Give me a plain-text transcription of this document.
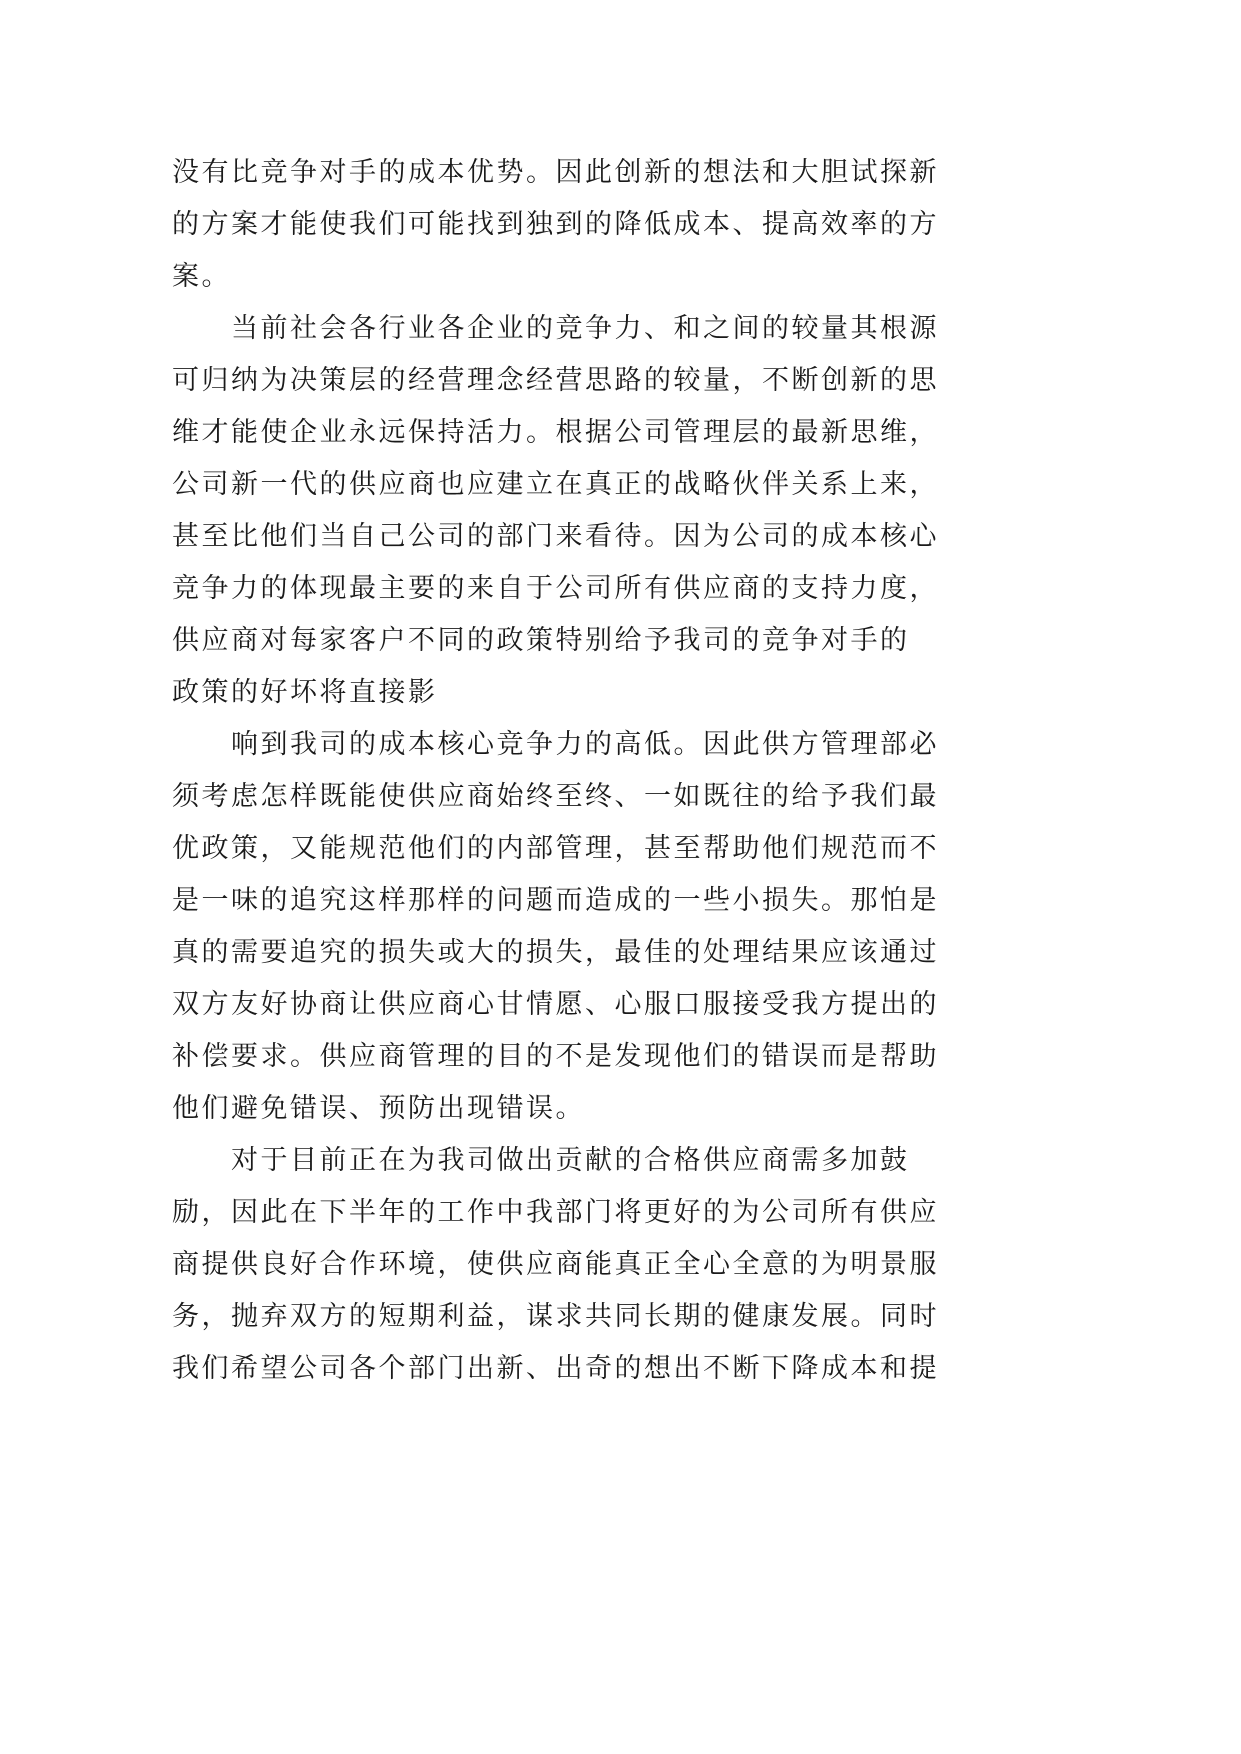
没有比竞争对手的成本优势。因此创新的想法和大胆试探新
的方案才能使我们可能找到独到的降低成本、提高效率的方
案。
当前社会各行业各企业的竞争力、和之间的较量其根源
可归纳为决策层的经营理念经营思路的较量，不断创新的思
维才能使企业永远保持活力。根据公司管理层的最新思维，
公司新一代的供应商也应建立在真正的战略伙伴关系上来，
甚至比他们当自己公司的部门来看待。因为公司的成本核心
竞争力的体现最主要的来自于公司所有供应商的支持力度，
供应商对每家客户不同的政策特别给予我司的竞争对手的
政策的好坏将直接影
响到我司的成本核心竞争力的高低。因此供方管理部必
须考虑怎样既能使供应商始终至终、一如既往的给予我们最
优政策，又能规范他们的内部管理，甚至帮助他们规范而不
是一味的追究这样那样的问题而造成的一些小损失。那怕是
真的需要追究的损失或大的损失，最佳的处理结果应该通过
双方友好协商让供应商心甘情愿、心服口服接受我方提出的
补偿要求。供应商管理的目的不是发现他们的错误而是帮助
他们避免错误、预防出现错误。
对于目前正在为我司做出贡献的合格供应商需多加鼓
励，因此在下半年的工作中我部门将更好的为公司所有供应
商提供良好合作环境，使供应商能真正全心全意的为明景服
务，抛弃双方的短期利益，谋求共同长期的健康发展。同时
我们希望公司各个部门出新、出奇的想出不断下降成本和提
